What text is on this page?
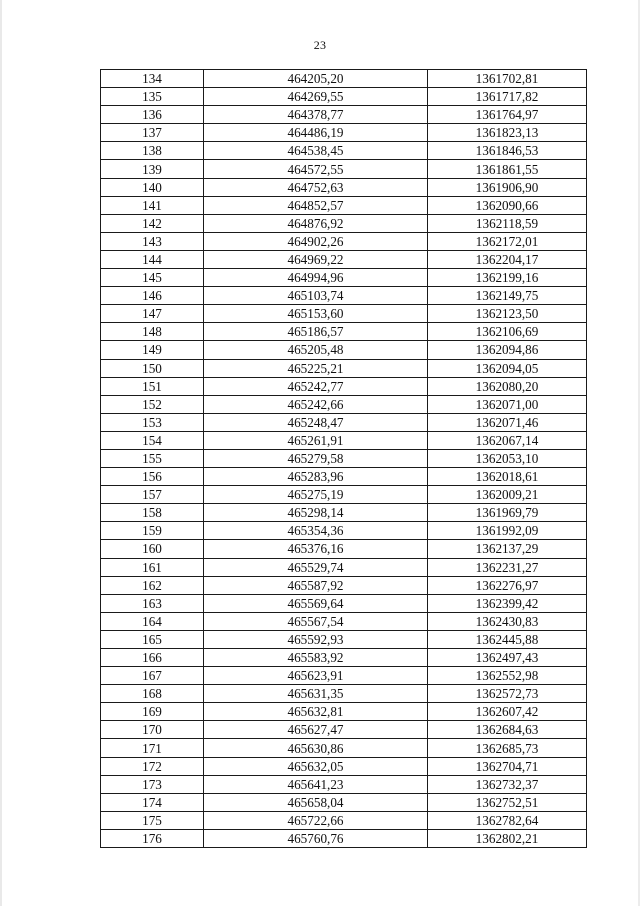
23
134	464205,20	1361702,81
135	464269,55	1361717,82
136	464378,77	1361764,97
137	464486,19	1361823,13
138	464538,45	1361846,53
139	464572,55	1361861,55
140	464752,63	1361906,90
141	464852,57	1362090,66
142	464876,92	1362118,59
143	464902,26	1362172,01
144	464969,22	1362204,17
145	464994,96	1362199,16
146	465103,74	1362149,75
147	465153,60	1362123,50
148	465186,57	1362106,69
149	465205,48	1362094,86
150	465225,21	1362094,05
151	465242,77	1362080,20
152	465242,66	1362071,00
153	465248,47	1362071,46
154	465261,91	1362067,14
155	465279,58	1362053,10
156	465283,96	1362018,61
157	465275,19	1362009,21
158	465298,14	1361969,79
159	465354,36	1361992,09
160	465376,16	1362137,29
161	465529,74	1362231,27
162	465587,92	1362276,97
163	465569,64	1362399,42
164	465567,54	1362430,83
165	465592,93	1362445,88
166	465583,92	1362497,43
167	465623,91	1362552,98
168	465631,35	1362572,73
169	465632,81	1362607,42
170	465627,47	1362684,63
171	465630,86	1362685,73
172	465632,05	1362704,71
173	465641,23	1362732,37
174	465658,04	1362752,51
175	465722,66	1362782,64
176	465760,76	1362802,21
